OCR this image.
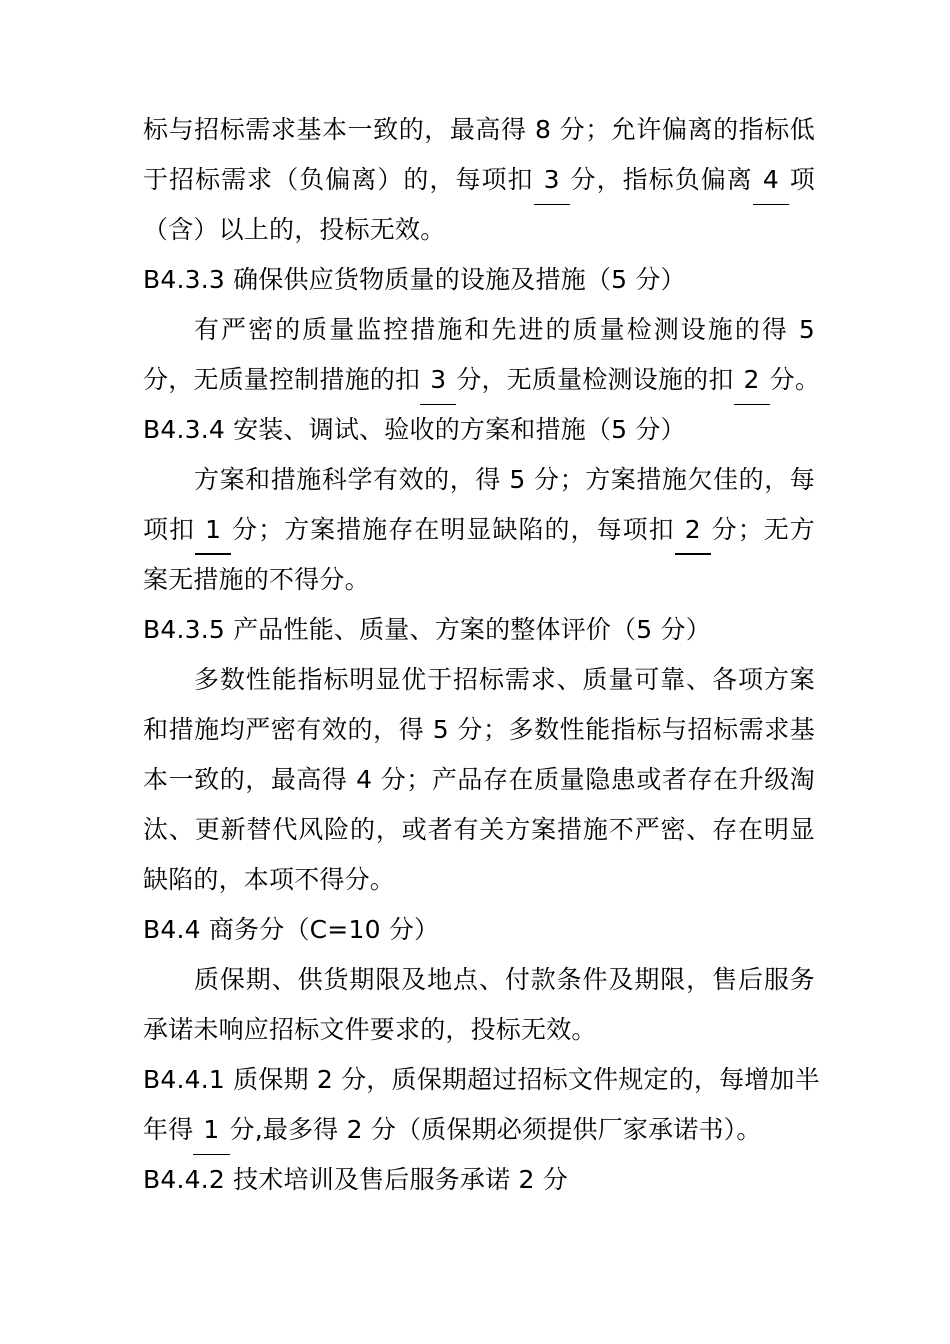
标与招标需求基本一致的，最高得 8 分；允许偏离的指标低
于招标需求（负偏离）的，每项扣 3 分，指标负偏离 4 项
（含）以上的，投标无效。
B4.3.3 确保供应货物质量的设施及措施（5 分）
有严密的质量监控措施和先进的质量检测设施的得 5
分，无质量控制措施的扣 3 分，无质量检测设施的扣 2 分。
B4.3.4 安装、调试、验收的方案和措施（5 分）
方案和措施科学有效的，得 5 分；方案措施欠佳的，每
项扣 1 分；方案措施存在明显缺陷的，每项扣 2 分；无方
案无措施的不得分。
B4.3.5 产品性能、质量、方案的整体评价（5 分）
多数性能指标明显优于招标需求、质量可靠、各项方案
和措施均严密有效的，得 5 分；多数性能指标与招标需求基
本一致的，最高得 4 分；产品存在质量隐患或者存在升级淘
汰、更新替代风险的，或者有关方案措施不严密、存在明显
缺陷的，本项不得分。
B4.4 商务分（C=10 分）
质保期、供货期限及地点、付款条件及期限，售后服务
承诺未响应招标文件要求的，投标无效。
B4.4.1 质保期 2 分，质保期超过招标文件规定的，每增加半
年得 1 分,最多得 2 分（质保期必须提供厂家承诺书）。
B4.4.2 技术培训及售后服务承诺 2 分
